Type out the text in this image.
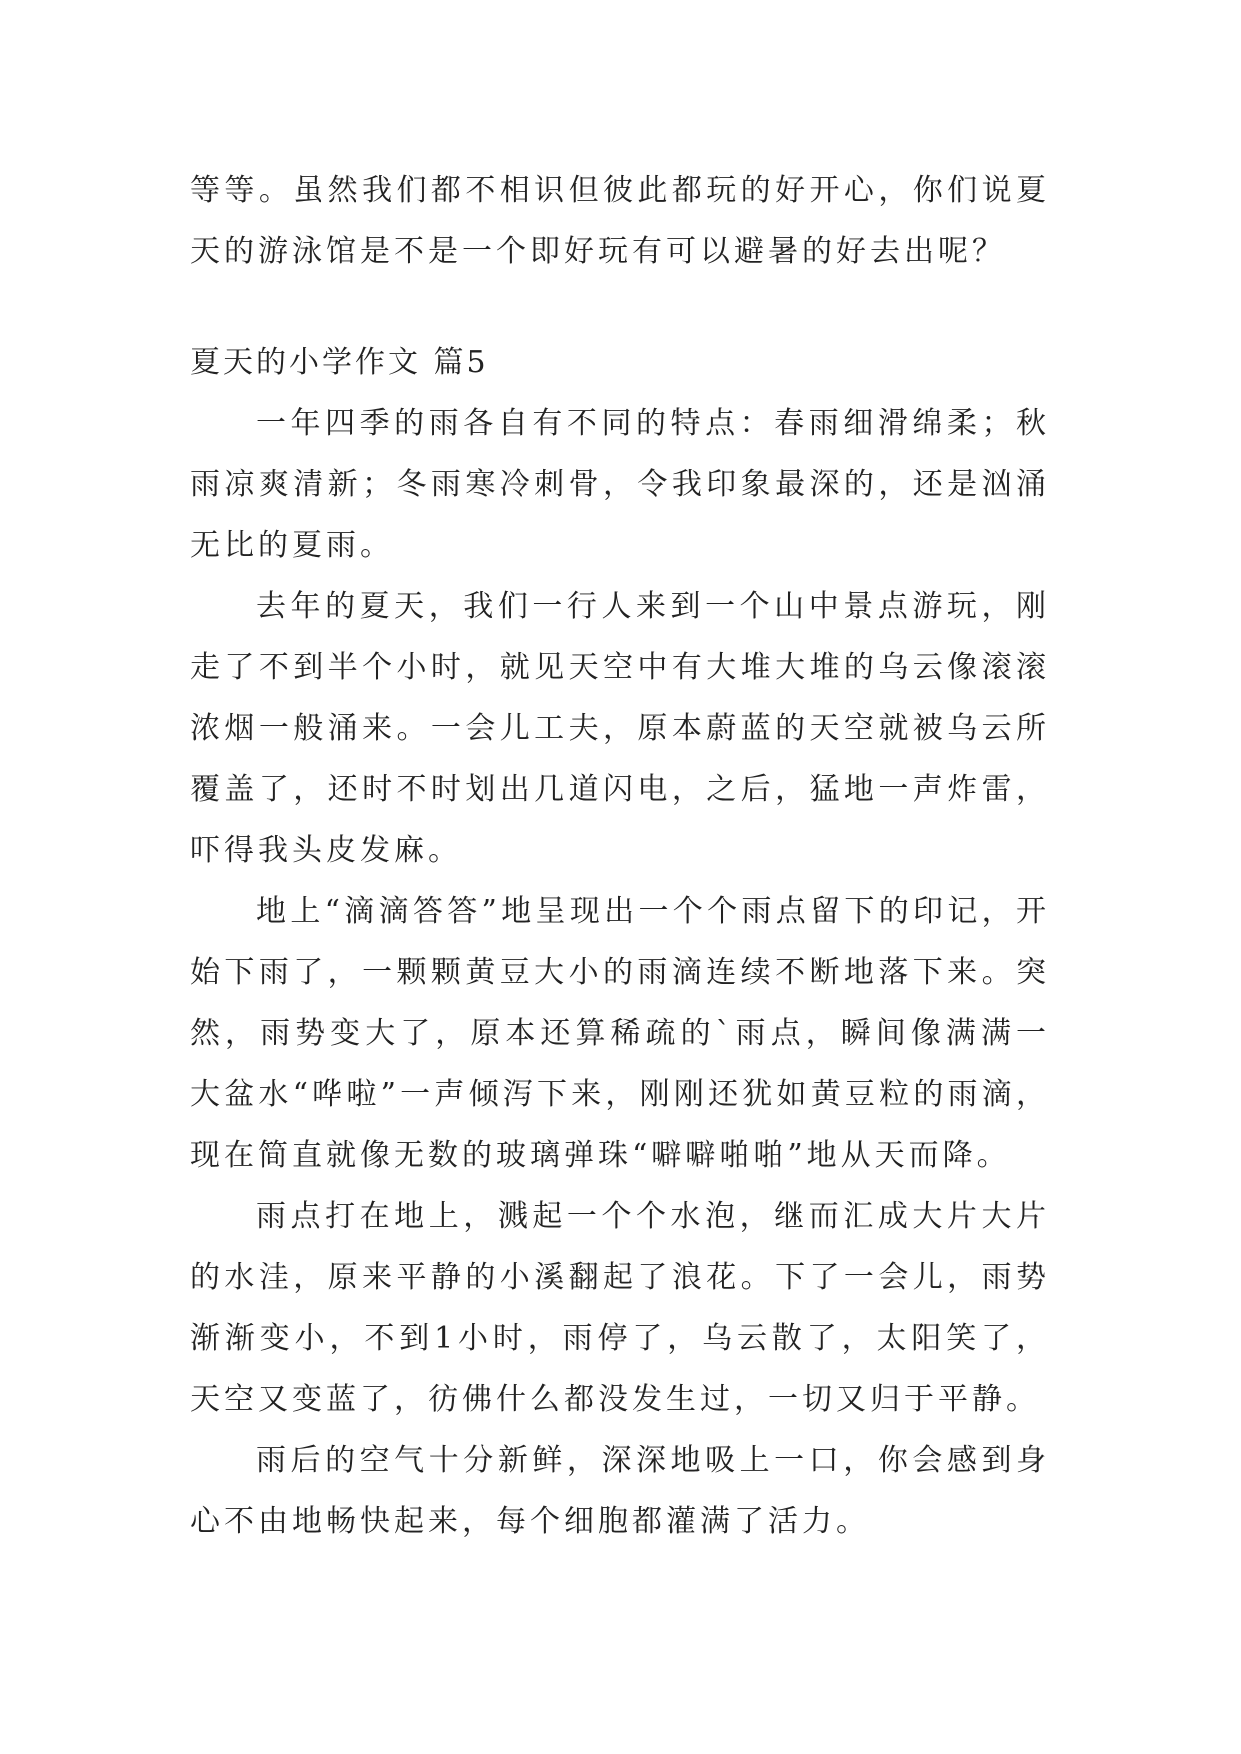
等等。虽然我们都不相识但彼此都玩的好开心，你们说夏天的游泳馆是不是一个即好玩有可以避暑的好去出呢？

夏天的小学作文 篇5

一年四季的雨各自有不同的特点：春雨细滑绵柔；秋雨凉爽清新；冬雨寒冷刺骨，令我印象最深的，还是汹涌无比的夏雨。

去年的夏天，我们一行人来到一个山中景点游玩，刚走了不到半个小时，就见天空中有大堆大堆的乌云像滚滚浓烟一般涌来。一会儿工夫，原本蔚蓝的天空就被乌云所覆盖了，还时不时划出几道闪电，之后，猛地一声炸雷，吓得我头皮发麻。

地上“滴滴答答”地呈现出一个个雨点留下的印记，开始下雨了，一颗颗黄豆大小的雨滴连续不断地落下来。突然，雨势变大了，原本还算稀疏的`雨点，瞬间像满满一大盆水“哗啦”一声倾泻下来，刚刚还犹如黄豆粒的雨滴，现在简直就像无数的玻璃弹珠“噼噼啪啪”地从天而降。

雨点打在地上，溅起一个个水泡，继而汇成大片大片的水洼，原来平静的小溪翻起了浪花。下了一会儿，雨势渐渐变小，不到1小时，雨停了，乌云散了，太阳笑了，天空又变蓝了，彷佛什么都没发生过，一切又归于平静。

雨后的空气十分新鲜，深深地吸上一口，你会感到身心不由地畅快起来，每个细胞都灌满了活力。
